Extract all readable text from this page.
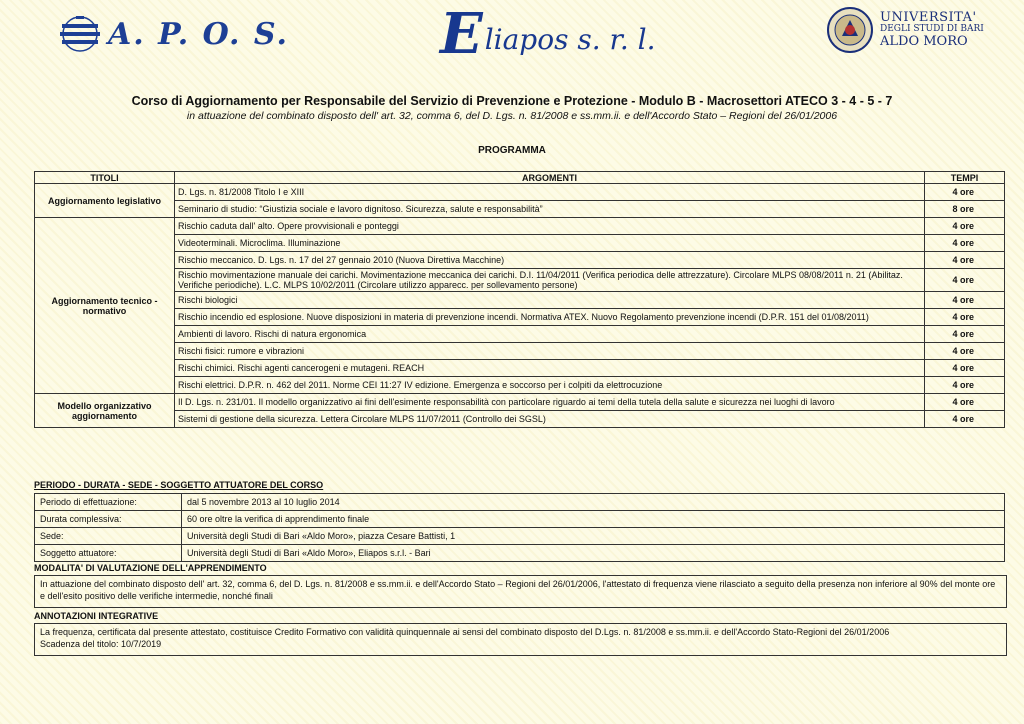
A. P. O. S.	E liapos s. r. l.
UNIVERSITA'
DEGLI STUDI DI BARI
ALDO MORO
Corso di Aggiornamento per Responsabile del Servizio di Prevenzione e Protezione - Modulo B - Macrosettori ATECO 3 - 4 - 5 - 7
in attuazione del combinato disposto dell' art. 32, comma 6, del D. Lgs. n. 81/2008 e ss.mm.ii. e dell'Accordo Stato – Regioni del 26/01/2006
PROGRAMMA
TITOLI	ARGOMENTI	TEMPI
Aggiornamento legislativo	D. Lgs. n. 81/2008 Titolo I e XIII	4 ore
	Seminario di studio: “Giustizia sociale e lavoro dignitoso. Sicurezza, salute e responsabilità”	8 ore
Aggiornamento tecnico - normativo	Rischio caduta dall' alto. Opere provvisionali e ponteggi	4 ore
	Videoterminali. Microclima. Illuminazione	4 ore
	Rischio meccanico. D. Lgs. n. 17 del 27 gennaio 2010 (Nuova Direttiva Macchine)	4 ore
	Rischio movimentazione manuale dei carichi. Movimentazione meccanica dei carichi. D.I. 11/04/2011 (Verifica periodica delle attrezzature). Circolare MLPS 08/08/2011 n. 21 (Abilitaz. Verifiche periodiche). L.C. MLPS 10/02/2011 (Circolare utilizzo apparecc. per sollevamento persone)	4 ore
	Rischi biologici	4 ore
	Rischio incendio ed esplosione. Nuove disposizioni in materia di prevenzione incendi. Normativa ATEX. Nuovo Regolamento prevenzione incendi (D.P.R. 151 del 01/08/2011)	4 ore
	Ambienti di lavoro. Rischi di natura ergonomica	4 ore
	Rischi fisici: rumore e vibrazioni	4 ore
	Rischi chimici. Rischi agenti cancerogeni e mutageni. REACH	4 ore
	Rischi elettrici. D.P.R. n. 462 del 2011. Norme CEI 11:27 IV edizione. Emergenza e soccorso per i colpiti da elettrocuzione	4 ore
Modello organizzativo aggiornamento	Il D. Lgs. n. 231/01. Il modello organizzativo ai fini dell'esimente responsabilità con particolare riguardo ai temi della tutela della salute e sicurezza nei luoghi di lavoro	4 ore
	Sistemi di gestione della sicurezza. Lettera Circolare MLPS 11/07/2011 (Controllo dei SGSL)	4 ore
PERIODO - DURATA - SEDE - SOGGETTO ATTUATORE DEL CORSO
Periodo di effettuazione:	dal 5 novembre 2013 al 10 luglio 2014
Durata complessiva:	60 ore oltre la verifica di apprendimento finale
Sede:	Università degli Studi di Bari «Aldo Moro», piazza Cesare Battisti, 1
Soggetto attuatore:	Università degli Studi di Bari «Aldo Moro», Eliapos s.r.l. - Bari
MODALITA' DI VALUTAZIONE DELL'APPRENDIMENTO
In attuazione del combinato disposto dell' art. 32, comma 6, del D. Lgs. n. 81/2008 e ss.mm.ii. e dell'Accordo Stato – Regioni del 26/01/2006, l'attestato di frequenza viene rilasciato a seguito della presenza non inferiore al 90% del monte ore e dell'esito positivo delle verifiche intermedie, nonché finali
ANNOTAZIONI INTEGRATIVE
La frequenza, certificata dal presente attestato, costituisce Credito Formativo con validità quinquennale ai sensi del combinato disposto del D.Lgs. n. 81/2008 e ss.mm.ii. e dell'Accordo Stato-Regioni del 26/01/2006
Scadenza del titolo: 10/7/2019
